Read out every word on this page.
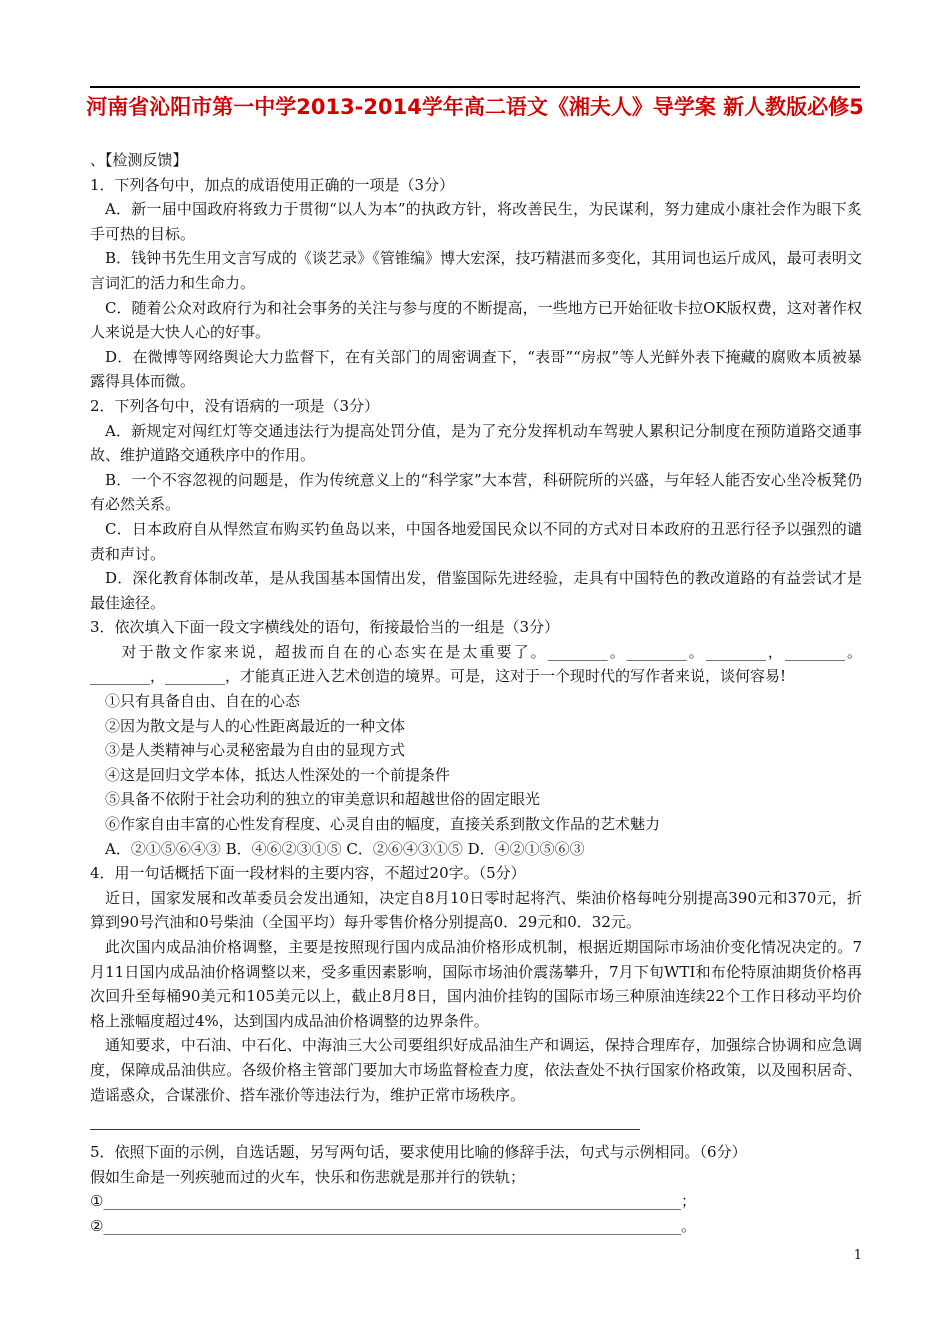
河南省沁阳市第一中学2013-2014学年高二语文《湘夫人》导学案 新人教版必修5

、【检测反馈】

1．下列各句中，加点的成语使用正确的一项是（3分）

A．新一届中国政府将致力于贯彻“以人为本”的执政方针，将改善民生，为民谋利，努力建成小康社会作为眼下炙手可热的目标。

B．钱钟书先生用文言写成的《谈艺录》《管锥编》博大宏深，技巧精湛而多变化，其用词也运斤成风，最可表明文言词汇的活力和生命力。

C．随着公众对政府行为和社会事务的关注与参与度的不断提高，一些地方已开始征收卡拉OK版权费，这对著作权人来说是大快人心的好事。

D．在微博等网络舆论大力监督下，在有关部门的周密调查下，“表哥”“房叔”等人光鲜外表下掩藏的腐败本质被暴露得具体而微。

2．下列各句中，没有语病的一项是（3分）

A．新规定对闯红灯等交通违法行为提高处罚分值，是为了充分发挥机动车驾驶人累积记分制度在预防道路交通事故、维护道路交通秩序中的作用。

B．一个不容忽视的问题是，作为传统意义上的“科学家”大本营，科研院所的兴盛，与年轻人能否安心坐冷板凳仍有必然关系。

C．日本政府自从悍然宣布购买钓鱼岛以来，中国各地爱国民众以不同的方式对日本政府的丑恶行径予以强烈的谴责和声讨。

D．深化教育体制改革，是从我国基本国情出发，借鉴国际先进经验，走具有中国特色的教改道路的有益尝试才是最佳途径。

3．依次填入下面一段文字横线处的语句，衔接最恰当的一组是（3分）

对于散文作家来说，超拔而自在的心态实在是太重要了。________。________。________，________。________，________，才能真正进入艺术创造的境界。可是，这对于一个现时代的写作者来说，谈何容易!

①只有具备自由、自在的心态

②因为散文是与人的心性距离最近的一种文体

③是人类精神与心灵秘密最为自由的显现方式

④这是回归文学本体，抵达人性深处的一个前提条件

⑤具备不依附于社会功利的独立的审美意识和超越世俗的固定眼光

⑥作家自由丰富的心性发育程度、心灵自由的幅度，直接关系到散文作品的艺术魅力

A．②①⑤⑥④③ B．④⑥②③①⑤ C．②⑥④③①⑤ D．④②①⑤⑥③

4．用一句话概括下面一段材料的主要内容，不超过20字。（5分）

近日，国家发展和改革委员会发出通知，决定自8月10日零时起将汽、柴油价格每吨分别提高390元和370元，折算到90号汽油和0号柴油（全国平均）每升零售价格分别提高0．29元和0．32元。

此次国内成品油价格调整，主要是按照现行国内成品油价格形成机制，根据近期国际市场油价变化情况决定的。7月11日国内成品油价格调整以来，受多重因素影响，国际市场油价震荡攀升，7月下旬WTI和布伦特原油期货价格再次回升至每桶90美元和105美元以上，截止8月8日，国内油价挂钩的国际市场三种原油连续22个工作日移动平均价格上涨幅度超过4%，达到国内成品油价格调整的边界条件。

通知要求，中石油、中石化、中海油三大公司要组织好成品油生产和调运，保持合理库存，加强综合协调和应急调度，保障成品油供应。各级价格主管部门要加大市场监督检查力度，依法查处不执行国家价格政策，以及囤积居奇、造谣惑众，合谋涨价、搭车涨价等违法行为，维护正常市场秩序。

5．依照下面的示例，自选话题，另写两句话，要求使用比喻的修辞手法，句式与示例相同。（6分）

假如生命是一列疾驰而过的火车，快乐和伤悲就是那并行的铁轨；

①_____________________________________________________________________________；

②_____________________________________________________________________________。

1
